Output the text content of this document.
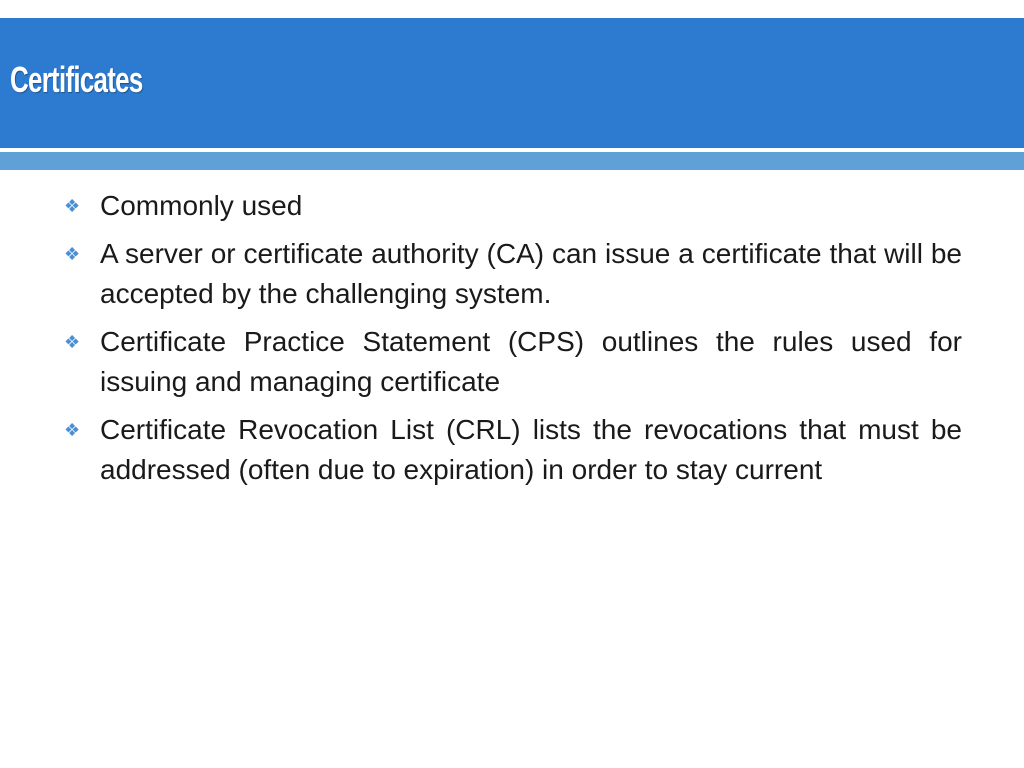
Certificates
❖ Commonly used
❖ A server or certificate authority (CA) can issue a certificate that will be accepted by the challenging system.
❖ Certificate Practice Statement (CPS) outlines the rules used for issuing and managing certificate
❖ Certificate Revocation List (CRL) lists the revocations that must be addressed (often due to expiration) in order to stay current
